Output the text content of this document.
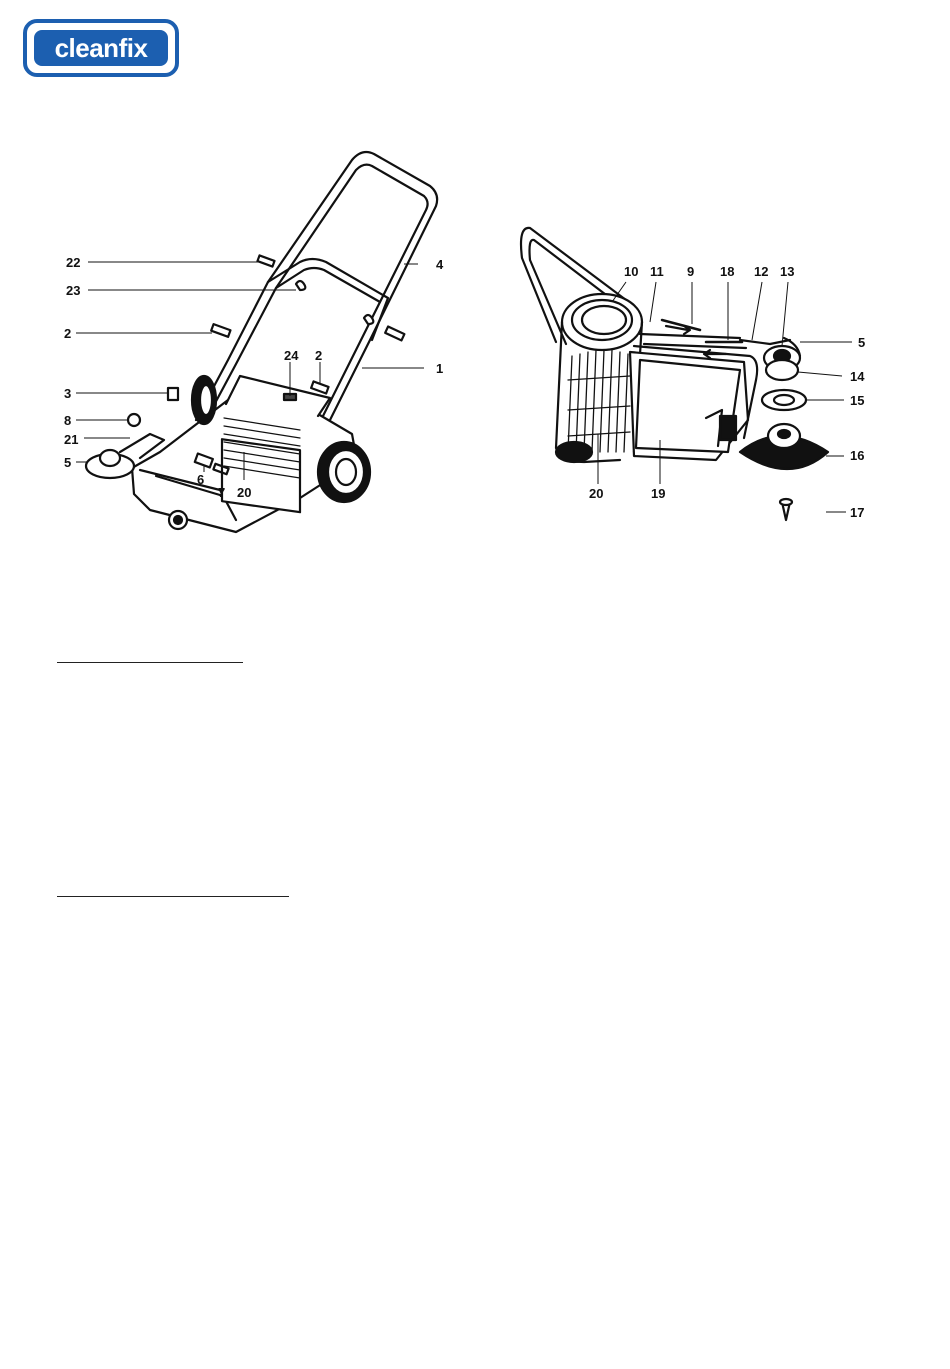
cleanfix
22	4
23
2
24 2
1
3
8
21
5
6
7 20
10 11 9 18 12 13
5
14
15
16
17
20	19
